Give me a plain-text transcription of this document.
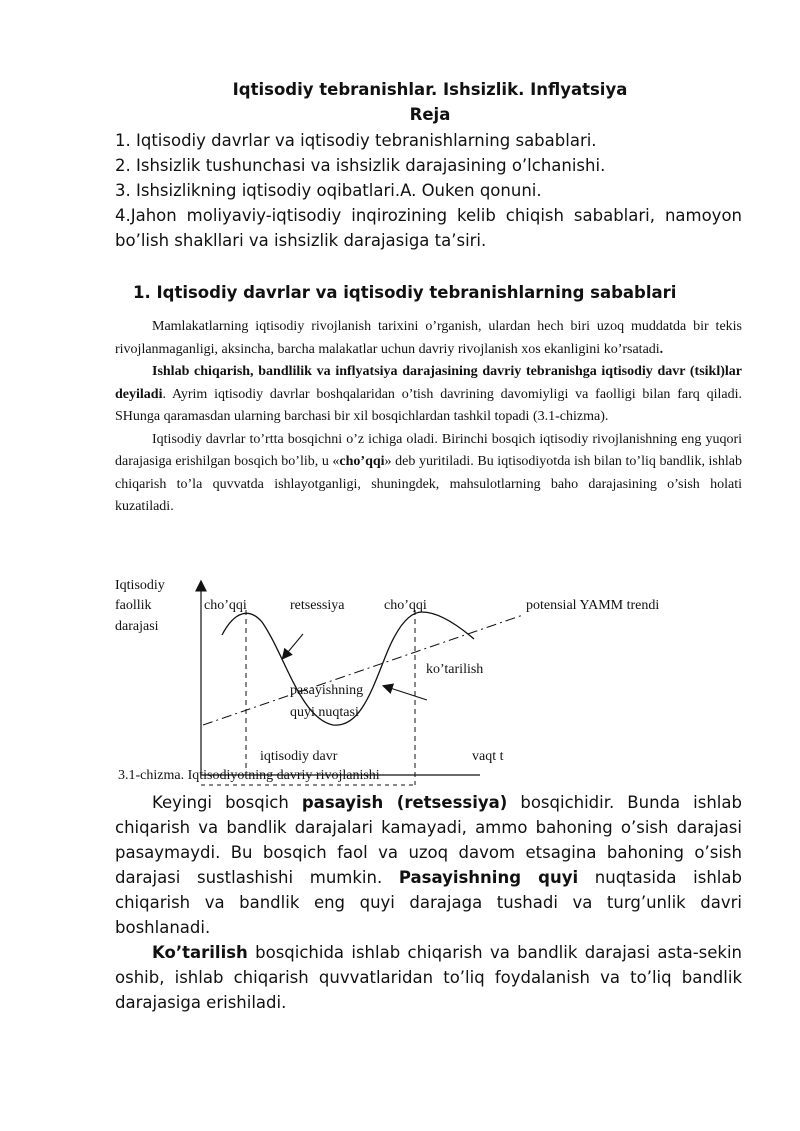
Iqtisodiy tebranishlar. Ishsizlik. Inflyatsiya
Reja

1. Iqtisodiy davrlar va iqtisodiy tebranishlarning sabablari.

2. Ishsizlik tushunchasi va ishsizlik darajasining o’lchanishi.

3. Ishsizlikning iqtisodiy oqibatlari.A. Ouken qonuni.

4.Jahon moliyaviy-iqtisodiy inqirozining kelib chiqish sabablari, namoyon bo’lish shakllari va ishsizlik darajasiga ta’siri.

1. Iqtisodiy davrlar va iqtisodiy tebranishlarning sabablari

Mamlakatlarning iqtisodiy rivojlanish tarixini o’rganish, ulardan hech biri uzoq muddatda bir tekis rivojlanmaganligi, aksincha, barcha malakatlar uchun davriy rivojlanish xos ekanligini ko’rsatadi.

Ishlab chiqarish, bandlilik va inflyatsiya darajasining davriy tebranishga iqtisodiy davr (tsikl)lar deyiladi. Ayrim iqtisodiy davrlar boshqalaridan o’tish davrining davomiyligi va faolligi bilan farq qiladi. SHunga qaramasdan ularning barchasi bir xil bosqichlardan tashkil topadi (3.1-chizma).

Iqtisodiy davrlar to’rtta bosqichni o’z ichiga oladi. Birinchi bosqich iqtisodiy rivojlanishning eng yuqori darajasiga erishilgan bosqich bo’lib, u «cho’qqi» deb yuritiladi. Bu iqtisodiyotda ish bilan to’liq bandlik, ishlab chiqarish to’la quvvatda ishlayotganligi, shuningdek, mahsulotlarning baho darajasining o’sish holati kuzatiladi.

Iqtisodiy
faollik
darajasi
cho’qqi	retsessiya	cho’qqi	potensial YAMM trendi
ko’tarilish
pasayishning
quyi nuqtasi
iqtisodiy davr	vaqt t
3.1-chizma. Iqtisodiyotning davriy rivojlanishi

Keyingi bosqich pasayish (retsessiya) bosqichidir. Bunda ishlab chiqarish va bandlik darajalari kamayadi, ammo bahoning o’sish darajasi pasaymaydi. Bu bosqich faol va uzoq davom etsagina bahoning o’sish darajasi sustlashishi mumkin. Pasayishning quyi nuqtasida ishlab chiqarish va bandlik eng quyi darajaga tushadi va turg’unlik davri boshlanadi.

Ko’tarilish bosqichida ishlab chiqarish va bandlik darajasi asta-sekin oshib, ishlab chiqarish quvvatlaridan to’liq foydalanish va to’liq bandlik darajasiga erishiladi.
